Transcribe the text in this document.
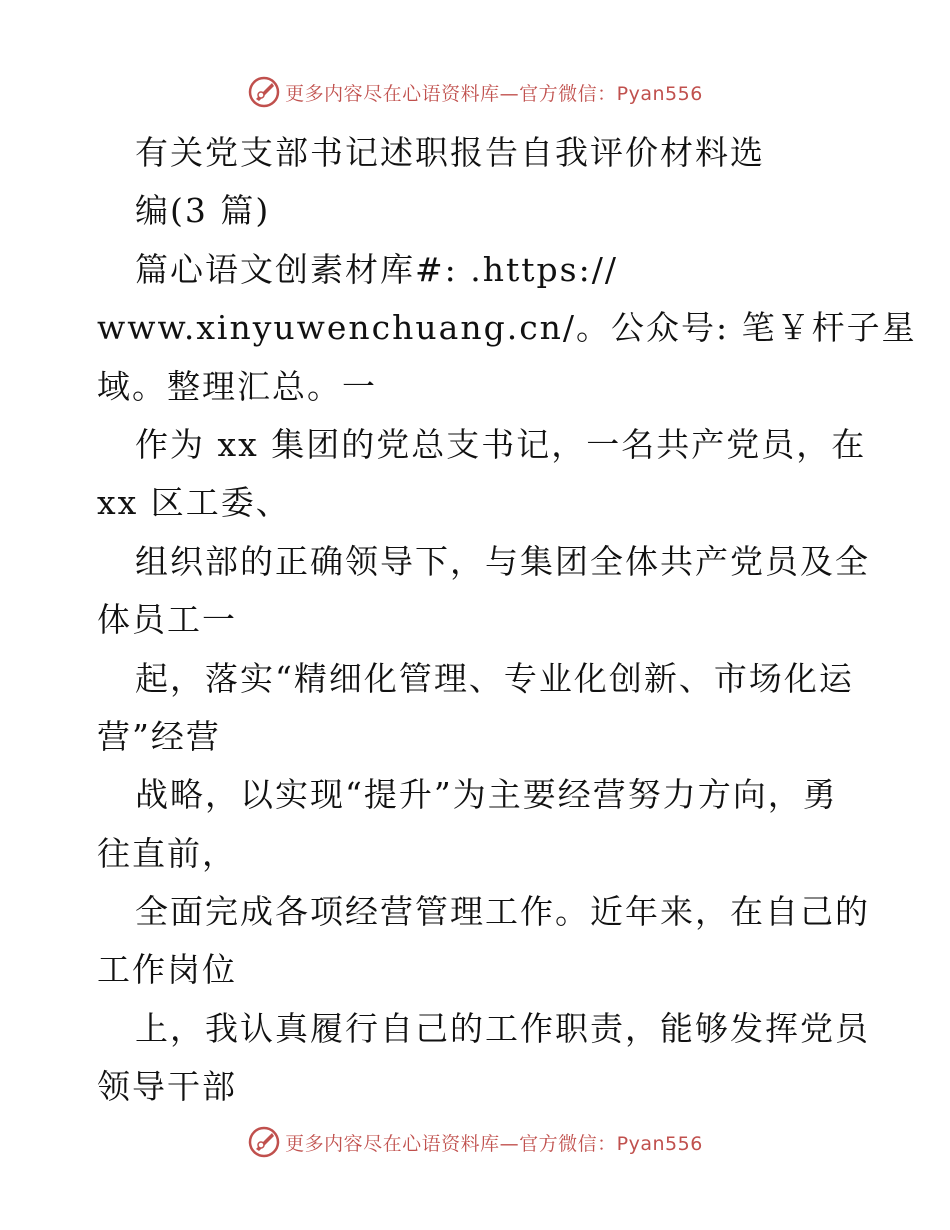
更多内容尽在心语资料库—官方微信：Pyan556
有关党支部书记述职报告自我评价材料选
编(3 篇)
篇心语文创素材库#: .https://
www.xinyuwenchuang.cn/。公众号: 笔￥杆子星
域。整理汇总。一
作为 xx 集团的党总支书记，一名共产党员，在
xx 区工委、
组织部的正确领导下，与集团全体共产党员及全
体员工一
起，落实“精细化管理、专业化创新、市场化运
营”经营
战略，以实现“提升”为主要经营努力方向，勇
往直前，
全面完成各项经营管理工作。近年来，在自己的
工作岗位
上，我认真履行自己的工作职责，能够发挥党员
领导干部
更多内容尽在心语资料库—官方微信：Pyan556
